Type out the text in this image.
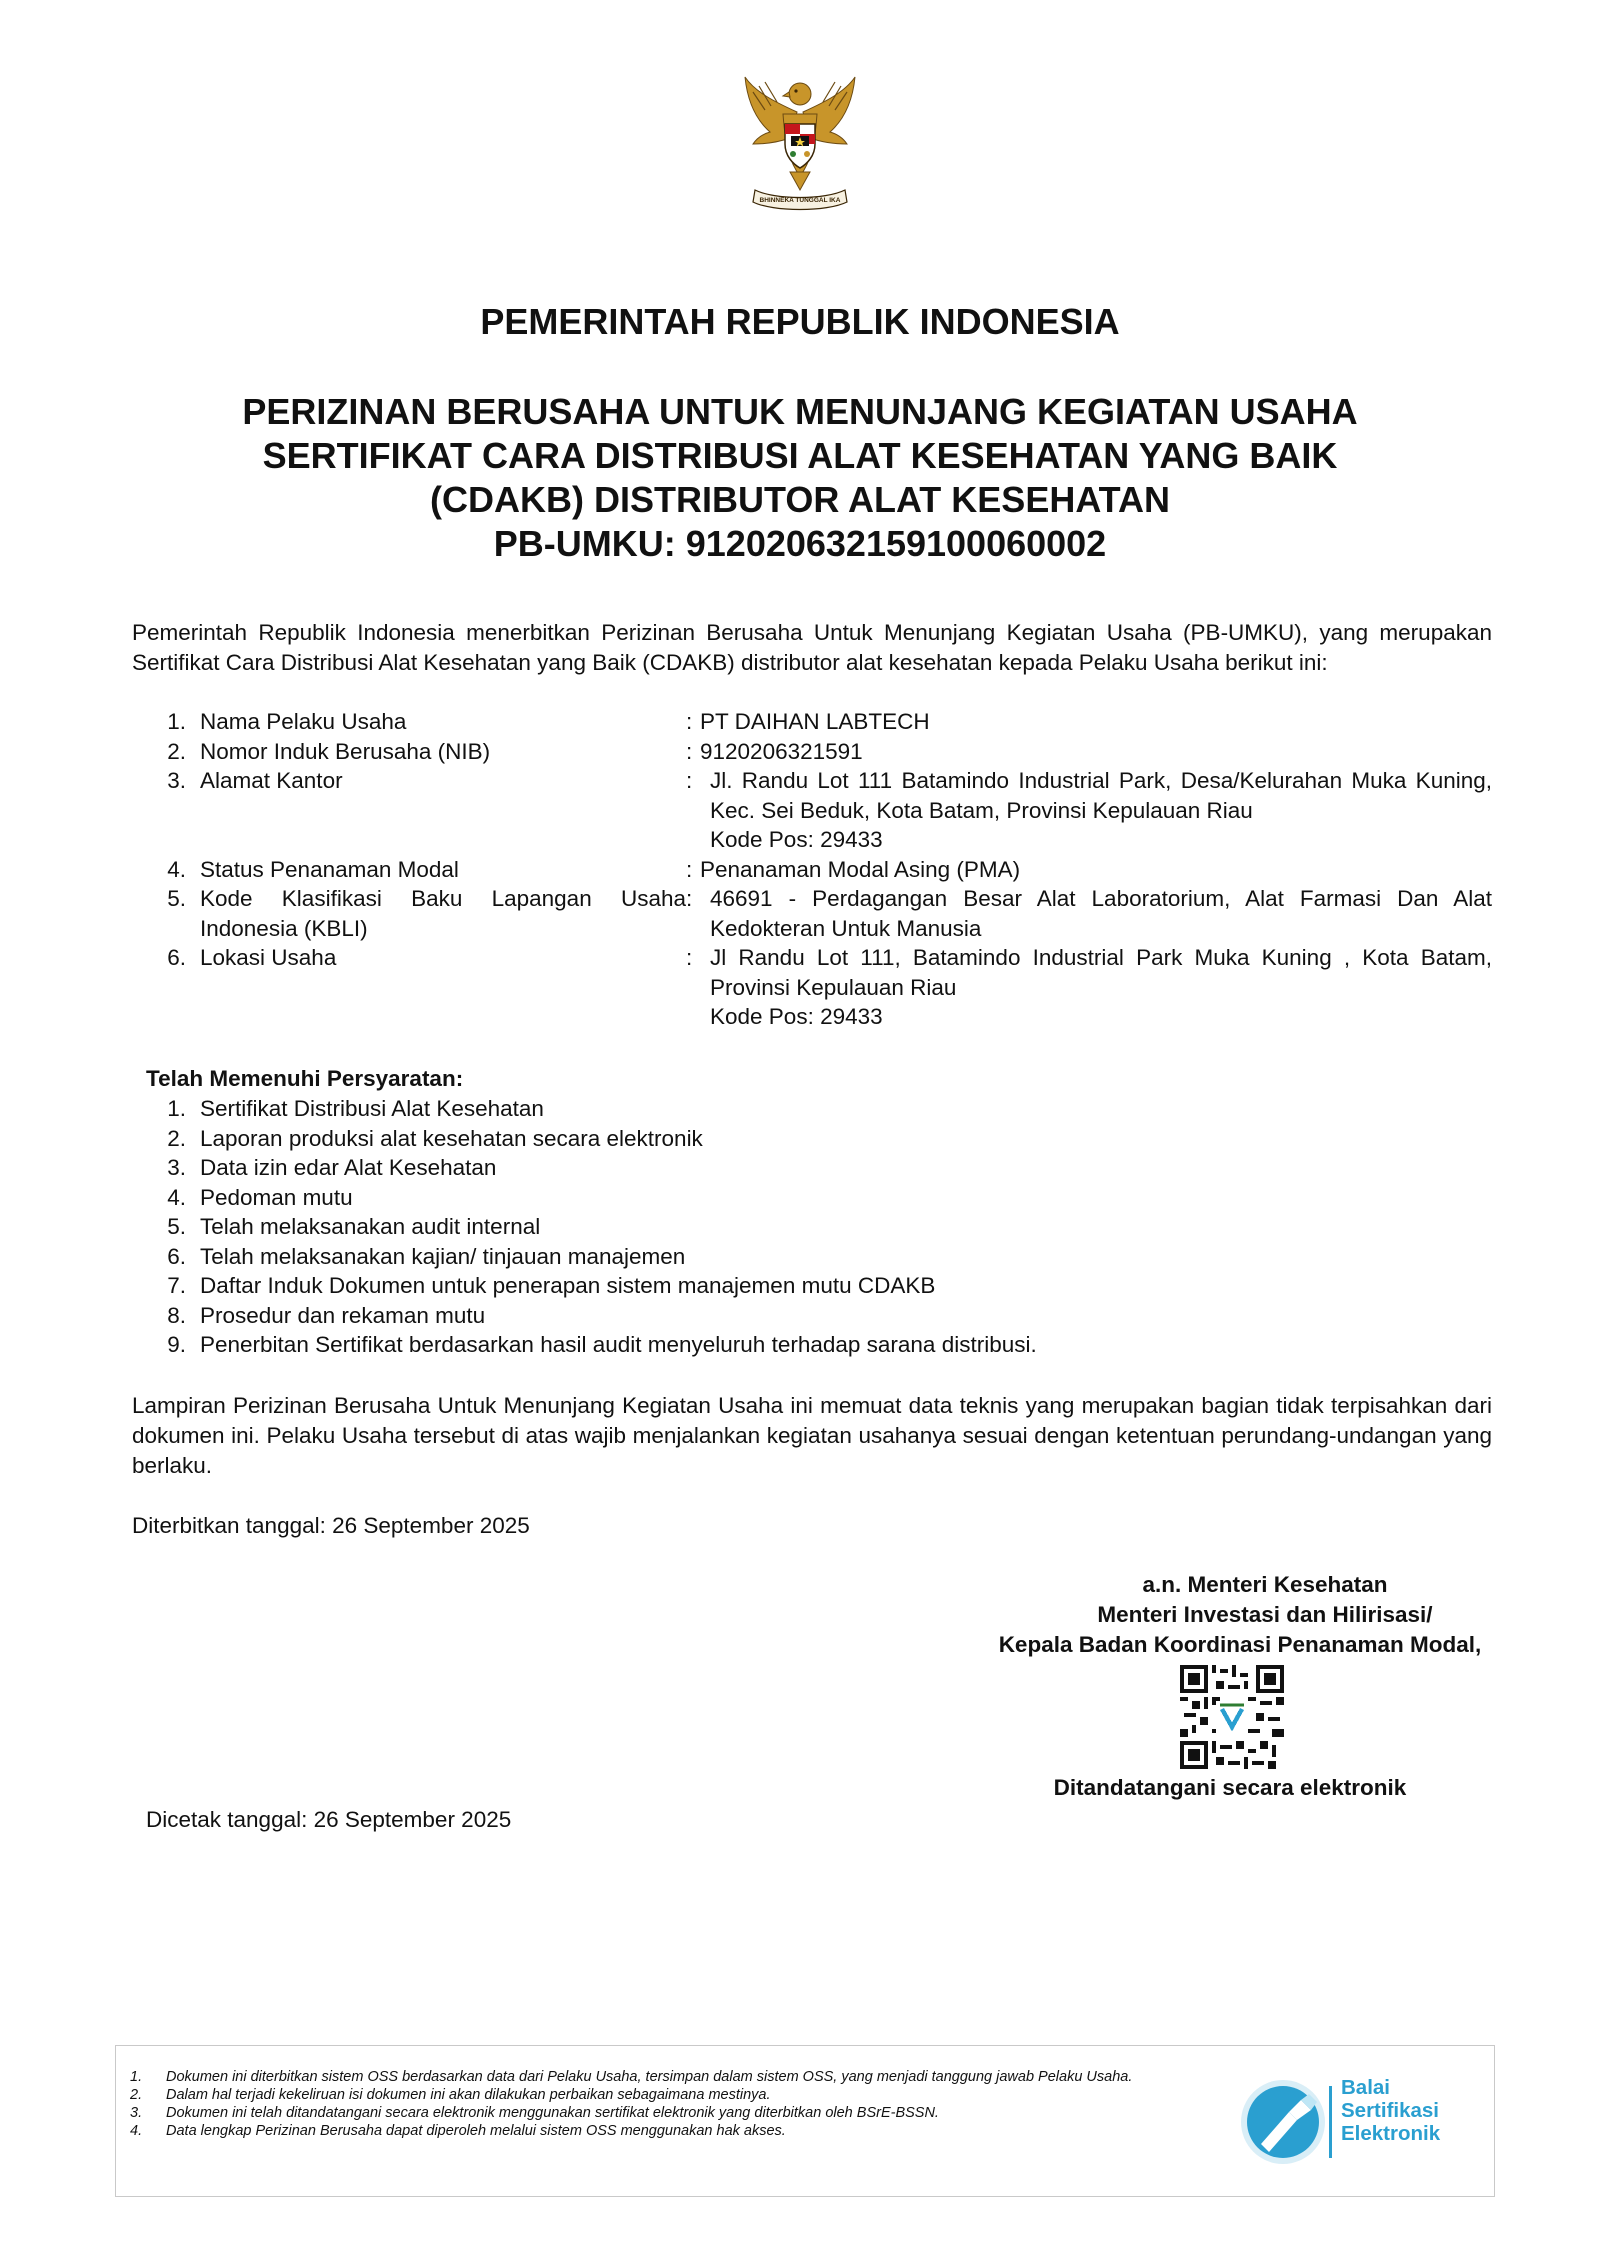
BHINNEKA TUNGGAL IKA
PEMERINTAH REPUBLIK INDONESIA
PERIZINAN BERUSAHA UNTUK MENUNJANG KEGIATAN USAHA
SERTIFIKAT CARA DISTRIBUSI ALAT KESEHATAN YANG BAIK
(CDAKB) DISTRIBUTOR ALAT KESEHATAN
PB-UMKU: 912020632159100060002
Pemerintah Republik Indonesia menerbitkan Perizinan Berusaha Untuk Menunjang Kegiatan Usaha (PB-UMKU), yang merupakan Sertifikat Cara Distribusi Alat Kesehatan yang Baik (CDAKB) distributor alat kesehatan kepada Pelaku Usaha berikut ini:
1. Nama Pelaku Usaha	: PT DAIHAN LABTECH
2. Nomor Induk Berusaha (NIB)	: 9120206321591
3. Alamat Kantor	: Jl. Randu Lot 111 Batamindo Industrial Park, Desa/Kelurahan Muka Kuning, Kec. Sei Beduk, Kota Batam, Provinsi Kepulauan Riau
Kode Pos: 29433
4. Status Penanaman Modal	: Penanaman Modal Asing (PMA)
5. Kode Klasifikasi Baku Lapangan Usaha Indonesia (KBLI)
: 46691 - Perdagangan Besar Alat Laboratorium, Alat Farmasi Dan Alat Kedokteran Untuk Manusia
6. Lokasi Usaha	: Jl Randu Lot 111, Batamindo Industrial Park Muka Kuning , Kota Batam, Provinsi Kepulauan Riau
Kode Pos: 29433
Telah Memenuhi Persyaratan:
1. Sertifikat Distribusi Alat Kesehatan
2. Laporan produksi alat kesehatan secara elektronik
3. Data izin edar Alat Kesehatan
4. Pedoman mutu
5. Telah melaksanakan audit internal
6. Telah melaksanakan kajian/ tinjauan manajemen
7. Daftar Induk Dokumen untuk penerapan sistem manajemen mutu CDAKB
8. Prosedur dan rekaman mutu
9. Penerbitan Sertifikat berdasarkan hasil audit menyeluruh terhadap sarana distribusi.
Lampiran Perizinan Berusaha Untuk Menunjang Kegiatan Usaha ini memuat data teknis yang merupakan bagian tidak terpisahkan dari dokumen ini. Pelaku Usaha tersebut di atas wajib menjalankan kegiatan usahanya sesuai dengan ketentuan perundang-undangan yang berlaku.
Diterbitkan tanggal: 26 September 2025
a.n. Menteri Kesehatan
Menteri Investasi dan Hilirisasi/
Kepala Badan Koordinasi Penanaman Modal,
Ditandatangani secara elektronik
Dicetak tanggal: 26 September 2025
1.	Dokumen ini diterbitkan sistem OSS berdasarkan data dari Pelaku Usaha, tersimpan dalam sistem OSS, yang menjadi tanggung jawab Pelaku Usaha.
2.	Dalam hal terjadi kekeliruan isi dokumen ini akan dilakukan perbaikan sebagaimana mestinya.
3.	Dokumen ini telah ditandatangani secara elektronik menggunakan sertifikat elektronik yang diterbitkan oleh BSrE-BSSN.
4.	Data lengkap Perizinan Berusaha dapat diperoleh melalui sistem OSS menggunakan hak akses.
Balai
Sertifikasi
Elektronik
